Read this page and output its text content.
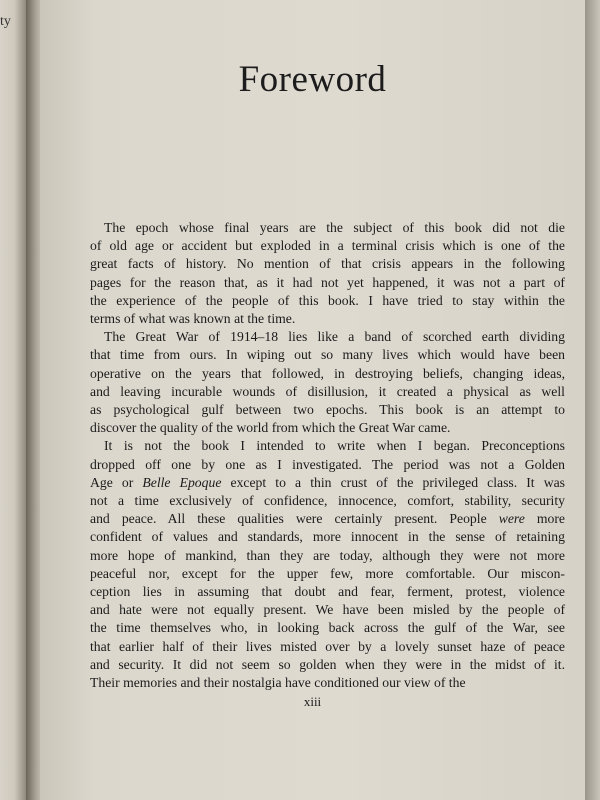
ty
Foreword
The epoch whose final years are the subject of this book did not die
of old age or accident but exploded in a terminal crisis which is one of the
great facts of history. No mention of that crisis appears in the following
pages for the reason that, as it had not yet happened, it was not a part of
the experience of the people of this book. I have tried to stay within the
terms of what was known at the time.
The Great War of 1914–18 lies like a band of scorched earth dividing
that time from ours. In wiping out so many lives which would have been
operative on the years that followed, in destroying beliefs, changing ideas,
and leaving incurable wounds of disillusion, it created a physical as well
as psychological gulf between two epochs. This book is an attempt to
discover the quality of the world from which the Great War came.
It is not the book I intended to write when I began. Preconceptions
dropped off one by one as I investigated. The period was not a Golden
Age or Belle Epoque except to a thin crust of the privileged class. It was
not a time exclusively of confidence, innocence, comfort, stability, security
and peace. All these qualities were certainly present. People were more
confident of values and standards, more innocent in the sense of retaining
more hope of mankind, than they are today, although they were not more
peaceful nor, except for the upper few, more comfortable. Our miscon-
ception lies in assuming that doubt and fear, ferment, protest, violence
and hate were not equally present. We have been misled by the people of
the time themselves who, in looking back across the gulf of the War, see
that earlier half of their lives misted over by a lovely sunset haze of peace
and security. It did not seem so golden when they were in the midst of it.
Their memories and their nostalgia have conditioned our view of the
xiii
